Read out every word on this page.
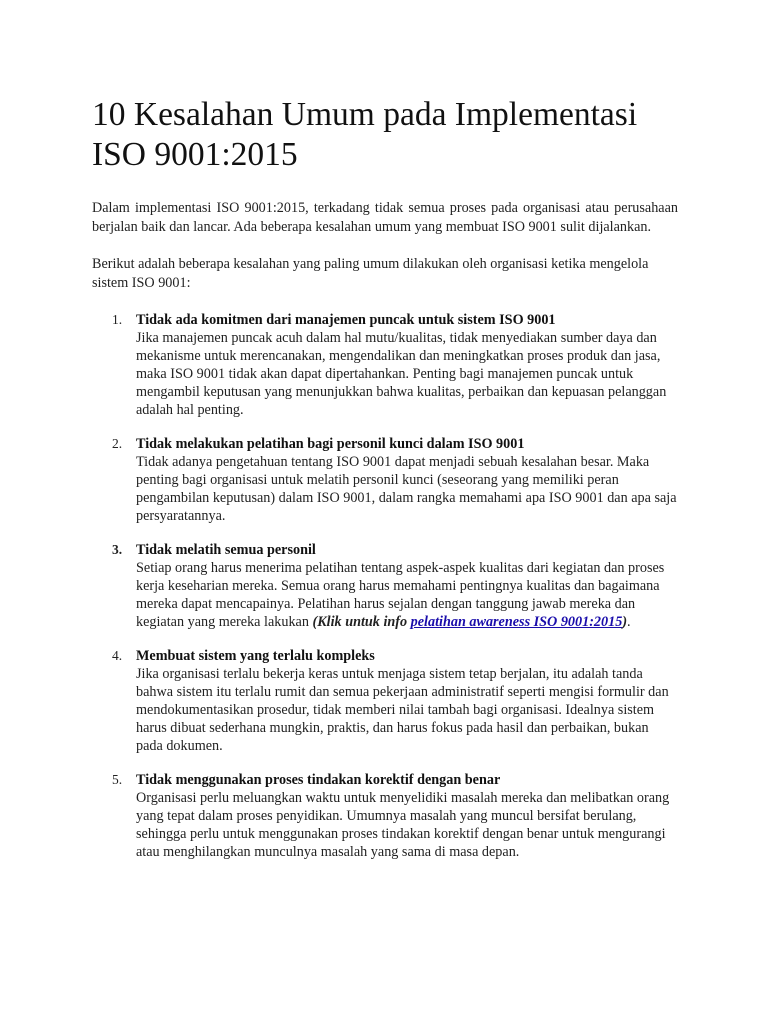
10 Kesalahan Umum pada Implementasi ISO 9001:2015

Dalam implementasi ISO 9001:2015, terkadang tidak semua proses pada organisasi atau perusahaan berjalan baik dan lancar. Ada beberapa kesalahan umum yang membuat ISO 9001 sulit dijalankan.

Berikut adalah beberapa kesalahan yang paling umum dilakukan oleh organisasi ketika mengelola sistem ISO 9001:

1. Tidak ada komitmen dari manajemen puncak untuk sistem ISO 9001
Jika manajemen puncak acuh dalam hal mutu/kualitas, tidak menyediakan sumber daya dan mekanisme untuk merencanakan, mengendalikan dan meningkatkan proses produk dan jasa, maka ISO 9001 tidak akan dapat dipertahankan. Penting bagi manajemen puncak untuk mengambil keputusan yang menunjukkan bahwa kualitas, perbaikan dan kepuasan pelanggan adalah hal penting.
2. Tidak melakukan pelatihan bagi personil kunci dalam ISO 9001
Tidak adanya pengetahuan tentang ISO 9001 dapat menjadi sebuah kesalahan besar. Maka penting bagi organisasi untuk melatih personil kunci (seseorang yang memiliki peran pengambilan keputusan) dalam ISO 9001, dalam rangka memahami apa ISO 9001 dan apa saja persyaratannya.
3. Tidak melatih semua personil
Setiap orang harus menerima pelatihan tentang aspek-aspek kualitas dari kegiatan dan proses kerja keseharian mereka. Semua orang harus memahami pentingnya kualitas dan bagaimana mereka dapat mencapainya. Pelatihan harus sejalan dengan tanggung jawab mereka dan kegiatan yang mereka lakukan (Klik untuk info pelatihan awareness ISO 9001:2015).
4. Membuat sistem yang terlalu kompleks
Jika organisasi terlalu bekerja keras untuk menjaga sistem tetap berjalan, itu adalah tanda bahwa sistem itu terlalu rumit dan semua pekerjaan administratif seperti mengisi formulir dan mendokumentasikan prosedur, tidak memberi nilai tambah bagi organisasi. Idealnya sistem harus dibuat sederhana mungkin, praktis, dan harus fokus pada hasil dan perbaikan, bukan pada dokumen.
5. Tidak menggunakan proses tindakan korektif dengan benar
Organisasi perlu meluangkan waktu untuk menyelidiki masalah mereka dan melibatkan orang yang tepat dalam proses penyidikan. Umumnya masalah yang muncul bersifat berulang, sehingga perlu untuk menggunakan proses tindakan korektif dengan benar untuk mengurangi atau menghilangkan munculnya masalah yang sama di masa depan.
